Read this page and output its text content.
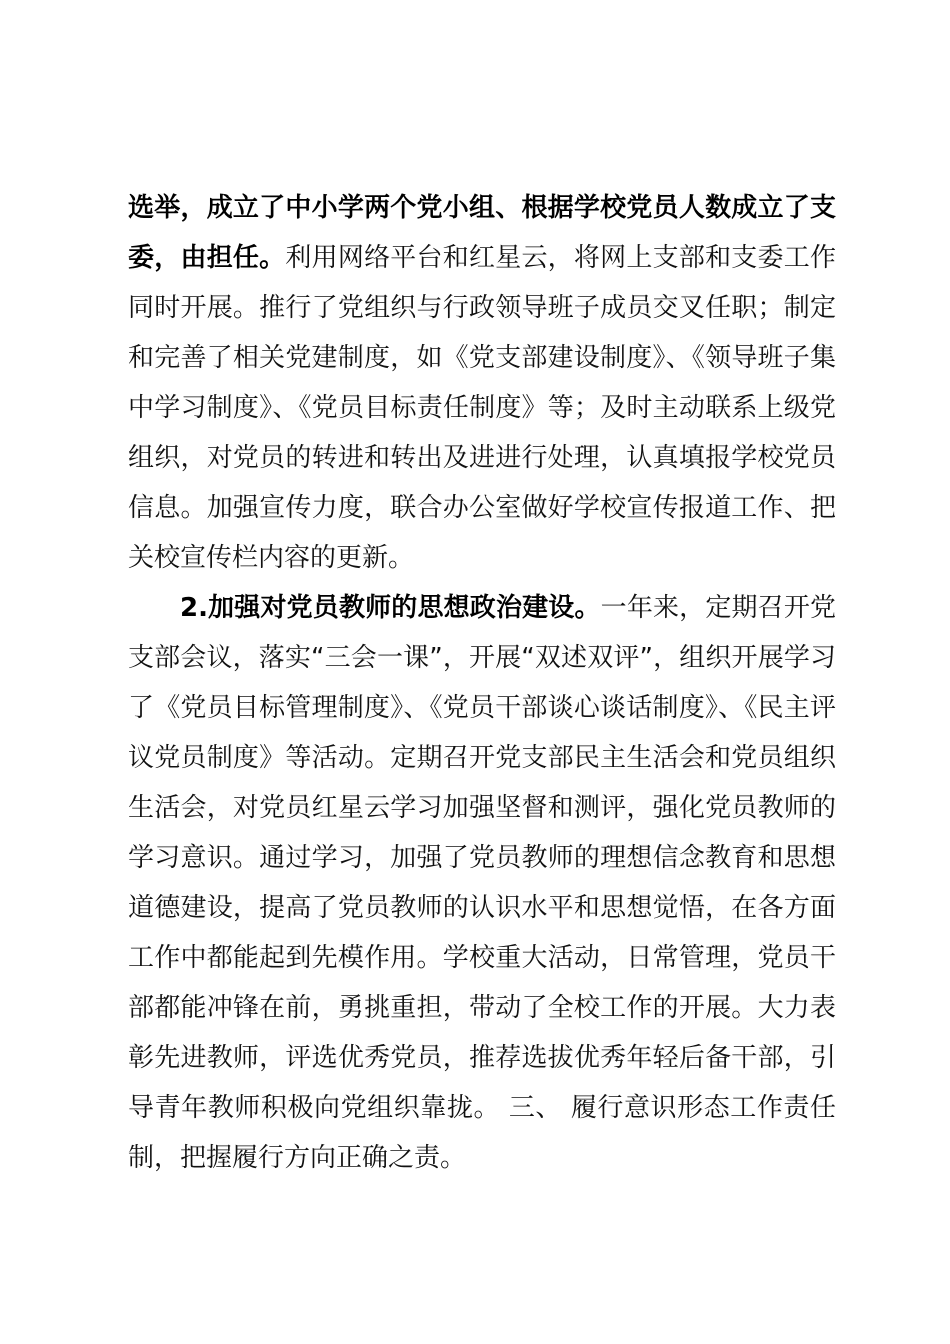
选举，成立了中小学两个党小组、根据学校党员人数成立了支委，由担任。利用网络平台和红星云，将网上支部和支委工作同时开展。推行了党组织与行政领导班子成员交叉任职；制定和完善了相关党建制度，如《党支部建设制度》、《领导班子集中学习制度》、《党员目标责任制度》等；及时主动联系上级党组织，对党员的转进和转出及进进行处理，认真填报学校党员信息。加强宣传力度，联合办公室做好学校宣传报道工作、把关校宣传栏内容的更新。

2.加强对党员教师的思想政治建设。一年来，定期召开党支部会议，落实“三会一课”，开展“双述双评”，组织开展学习了《党员目标管理制度》、《党员干部谈心谈话制度》、《民主评议党员制度》等活动。定期召开党支部民主生活会和党员组织生活会，对党员红星云学习加强坚督和测评，强化党员教师的学习意识。通过学习，加强了党员教师的理想信念教育和思想道德建设，提高了党员教师的认识水平和思想觉悟，在各方面工作中都能起到先模作用。学校重大活动，日常管理，党员干部都能冲锋在前，勇挑重担，带动了全校工作的开展。大力表彰先进教师，评选优秀党员，推荐选拔优秀年轻后备干部，引导青年教师积极向党组织靠拢。 三、 履行意识形态工作责任制，把握履行方向正确之责。
